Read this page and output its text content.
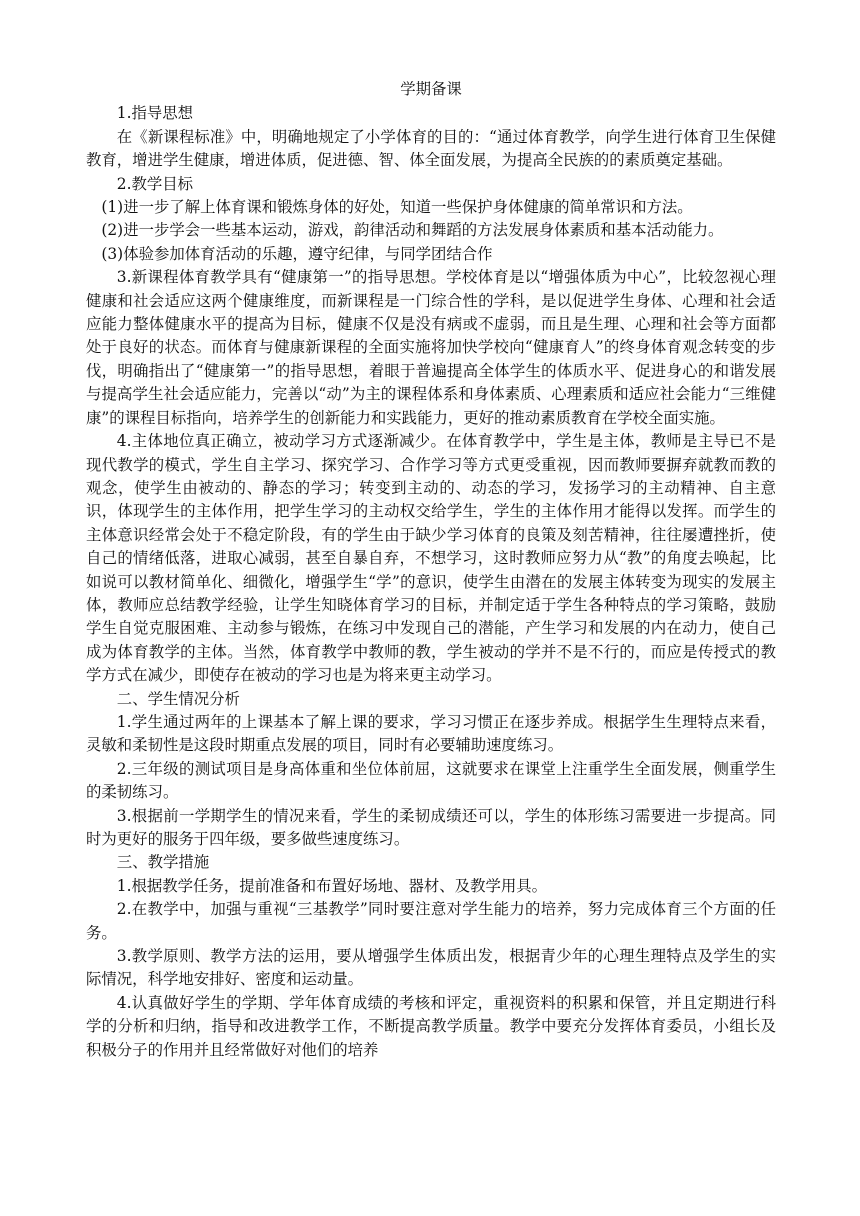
学期备课

1.指导思想

在《新课程标准》中，明确地规定了小学体育的目的：“通过体育教学，向学生进行体育卫生保健教育，增进学生健康，增进体质，促进德、智、体全面发展，为提高全民族的的素质奠定基础。

2.教学目标

(1)进一步了解上体育课和锻炼身体的好处，知道一些保护身体健康的简单常识和方法。

(2)进一步学会一些基本运动，游戏，韵律活动和舞蹈的方法发展身体素质和基本活动能力。

(3)体验参加体育活动的乐趣，遵守纪律，与同学团结合作

3.新课程体育教学具有“健康第一”的指导思想。学校体育是以“增强体质为中心”，比较忽视心理健康和社会适应这两个健康维度，而新课程是一门综合性的学科，是以促进学生身体、心理和社会适应能力整体健康水平的提高为目标，健康不仅是没有病或不虚弱，而且是生理、心理和社会等方面都处于良好的状态。而体育与健康新课程的全面实施将加快学校向“健康育人”的终身体育观念转变的步伐，明确指出了“健康第一”的指导思想，着眼于普遍提高全体学生的体质水平、促进身心的和谐发展与提高学生社会适应能力，完善以“动”为主的课程体系和身体素质、心理素质和适应社会能力“三维健康”的课程目标指向，培养学生的创新能力和实践能力，更好的推动素质教育在学校全面实施。

4.主体地位真正确立，被动学习方式逐渐减少。在体育教学中，学生是主体，教师是主导已不是现代教学的模式，学生自主学习、探究学习、合作学习等方式更受重视，因而教师要摒弃就教而教的观念，使学生由被动的、静态的学习；转变到主动的、动态的学习，发扬学习的主动精神、自主意识，体现学生的主体作用，把学生学习的主动权交给学生，学生的主体作用才能得以发挥。而学生的主体意识经常会处于不稳定阶段，有的学生由于缺少学习体育的良策及刻苦精神，往往屡遭挫折，使自己的情绪低落，进取心减弱，甚至自暴自弃，不想学习，这时教师应努力从“教”的角度去唤起，比如说可以教材简单化、细微化，增强学生“学”的意识，使学生由潜在的发展主体转变为现实的发展主体，教师应总结教学经验，让学生知晓体育学习的目标，并制定适于学生各种特点的学习策略，鼓励学生自觉克服困难、主动参与锻炼，在练习中发现自己的潜能，产生学习和发展的内在动力，使自己成为体育教学的主体。当然，体育教学中教师的教，学生被动的学并不是不行的，而应是传授式的教学方式在减少，即使存在被动的学习也是为将来更主动学习。

二、学生情况分析

1.学生通过两年的上课基本了解上课的要求，学习习惯正在逐步养成。根据学生生理特点来看，灵敏和柔韧性是这段时期重点发展的项目，同时有必要辅助速度练习。

2.三年级的测试项目是身高体重和坐位体前屈，这就要求在课堂上注重学生全面发展，侧重学生的柔韧练习。

3.根据前一学期学生的情况来看，学生的柔韧成绩还可以，学生的体形练习需要进一步提高。同时为更好的服务于四年级，要多做些速度练习。

三、教学措施

1.根据教学任务，提前准备和布置好场地、器材、及教学用具。

2.在教学中，加强与重视“三基教学”同时要注意对学生能力的培养，努力完成体育三个方面的任务。

3.教学原则、教学方法的运用，要从增强学生体质出发，根据青少年的心理生理特点及学生的实际情况，科学地安排好、密度和运动量。

4.认真做好学生的学期、学年体育成绩的考核和评定，重视资料的积累和保管，并且定期进行科学的分析和归纳，指导和改进教学工作，不断提高教学质量。教学中要充分发挥体育委员，小组长及积极分子的作用并且经常做好对他们的培养
